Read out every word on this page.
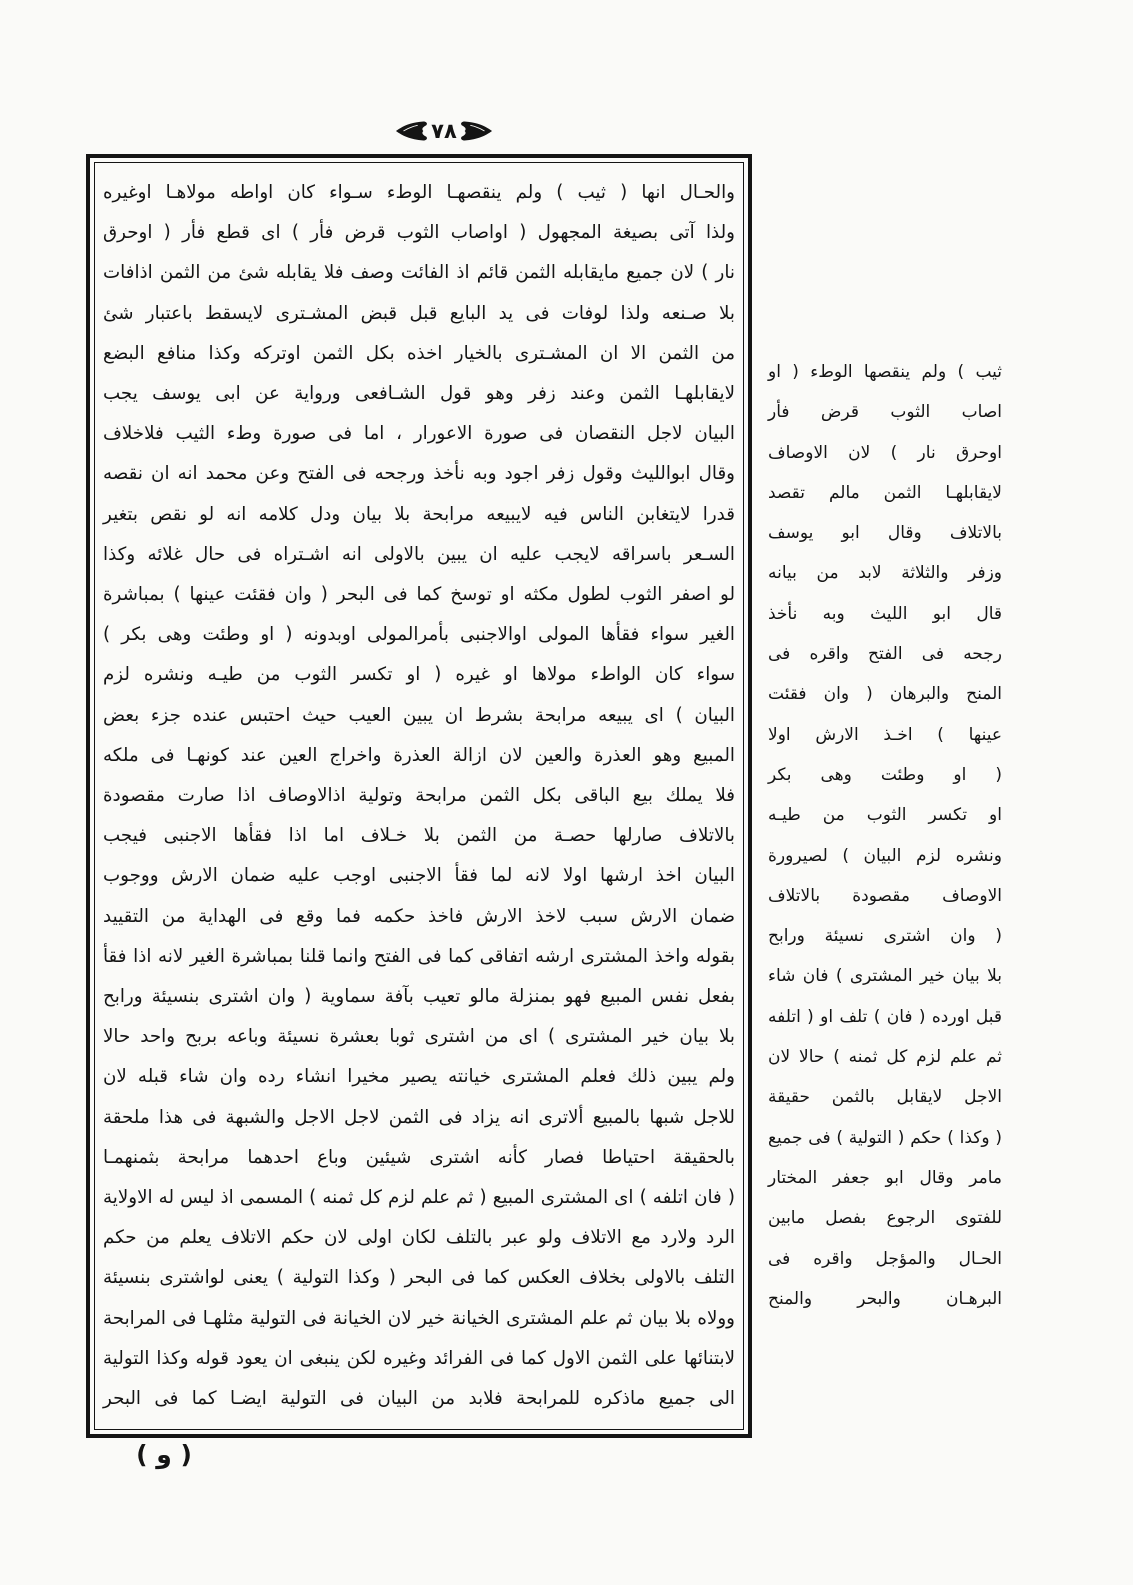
٧٨
والحـال انها ( ثيب ) ولم ينقصهـا الوطء سـواء كان اواطه مولاهـا اوغيره
ولذا آتى بصيغة المجهول ( اواصاب الثوب قرض فأر ) اى قطع فأر ( اوحرق
نار ) لان جميع مايقابله الثمن قائم اذ الفائت وصف فلا يقابله شئ من الثمن اذافات
بلا صـنعه ولذا لوفات فى يد البايع قبل قبض المشـترى لايسقط باعتبار شئ
من الثمن الا ان المشـترى بالخيار اخذه بكل الثمن اوتركه وكذا منافع البضع
لايقابلهـا الثمن وعند زفر وهو قول الشـافعى ورواية عن ابى يوسف يجب
البيان لاجل النقصان فى صورة الاعورار ، اما فى صورة وطء الثيب فلاخلاف
وقال ابوالليث وقول زفر اجود وبه نأخذ ورجحه فى الفتح وعن محمد انه ان نقصه
قدرا لايتغابن الناس فيه لايبيعه مرابحة بلا بيان ودل كلامه انه لو نقص بتغير
السـعر باسراقه لايجب عليه ان يبين بالاولى انه اشـتراه فى حال غلائه وكذا
لو اصفر الثوب لطول مكثه او توسخ كما فى البحر ( وان فقئت عينها ) بمباشرة
الغير سواء فقأها المولى اوالاجنبى بأمرالمولى اوبدونه ( او وطئت وهى بكر )
سواء كان الواطء مولاها او غيره ( او تكسر الثوب من طيـه ونشره لزم
البيان ) اى يبيعه مرابحة بشرط ان يبين العيب حيث احتبس عنده جزء بعض
المبيع وهو العذرة والعين لان ازالة العذرة واخراج العين عند كونهـا فى ملكه
فلا يملك بيع الباقى بكل الثمن مرابحة وتولية اذالاوصاف اذا صارت مقصودة
بالاتلاف صارلها حصـة من الثمن بلا خـلاف اما اذا فقأها الاجنبى فيجب
البيان اخذ ارشها اولا لانه لما فقأ الاجنبى اوجب عليه ضمان الارش ووجوب
ضمان الارش سبب لاخذ الارش فاخذ حكمه فما وقع فى الهداية من التقييد
بقوله واخذ المشترى ارشه اتفاقى كما فى الفتح وانما قلنا بمباشرة الغير لانه اذا فقأ
بفعل نفس المبيع فهو بمنزلة مالو تعيب بآفة سماوية ( وان اشترى بنسيئة ورابح
بلا بيان خير المشترى ) اى من اشترى ثوبا بعشرة نسيئة وباعه بربح واحد حالا
ولم يبين ذلك فعلم المشترى خيانته يصير مخيرا انشاء رده وان شاء قبله لان
للاجل شبها بالمبيع ألاترى انه يزاد فى الثمن لاجل الاجل والشبهة فى هذا ملحقة
بالحقيقة احتياطا فصار كأنه اشترى شيئين وباع احدهما مرابحة بثمنهمـا
( فان اتلفه ) اى المشترى المبيع ( ثم علم لزم كل ثمنه ) المسمى اذ ليس له الاولاية
الرد ولارد مع الاتلاف ولو عبر بالتلف لكان اولى لان حكم الاتلاف يعلم من حكم
التلف بالاولى بخلاف العكس كما فى البحر ( وكذا التولية ) يعنى لواشترى بنسيئة
وولاه بلا بيان ثم علم المشترى الخيانة خير لان الخيانة فى التولية مثلهـا فى المرابحة
لابتنائها على الثمن الاول كما فى الفرائد وغيره لكن ينبغى ان يعود قوله وكذا التولية
الى جميع ماذكره للمرابحة فلابد من البيان فى التولية ايضـا كما فى البحر
ثيب ) ولم ينقصها الوطء ( او
اصاب الثوب قرض فأر
اوحرق نار ) لان الاوصاف
لايقابلهـا الثمن مالم تقصد
بالاتلاف وقال ابو يوسف
وزفر والثلاثة لابد من بيانه
قال ابو الليث وبه نأخذ
رجحه فى الفتح واقره فى
المنح والبرهان ( وان فقئت
عينها ) اخـذ الارش اولا
( او وطئت وهى بكر
او تكسر الثوب من طيـه
ونشره لزم البيان ) لصيرورة
الاوصاف مقصودة بالاتلاف
( وان اشترى نسيئة ورابح
بلا بيان خير المشترى ) فان شاء
قبل اورده ( فان ) تلف او ( اتلفه
ثم علم لزم كل ثمنه ) حالا لان
الاجل لايقابل بالثمن حقيقة
( وكذا ) حكم ( التولية ) فى جميع
مامر وقال ابو جعفر المختار
للفتوى الرجوع بفصل مابين
الحـال والمؤجل واقره فى
البرهـان والبحر والمنح
( و )
